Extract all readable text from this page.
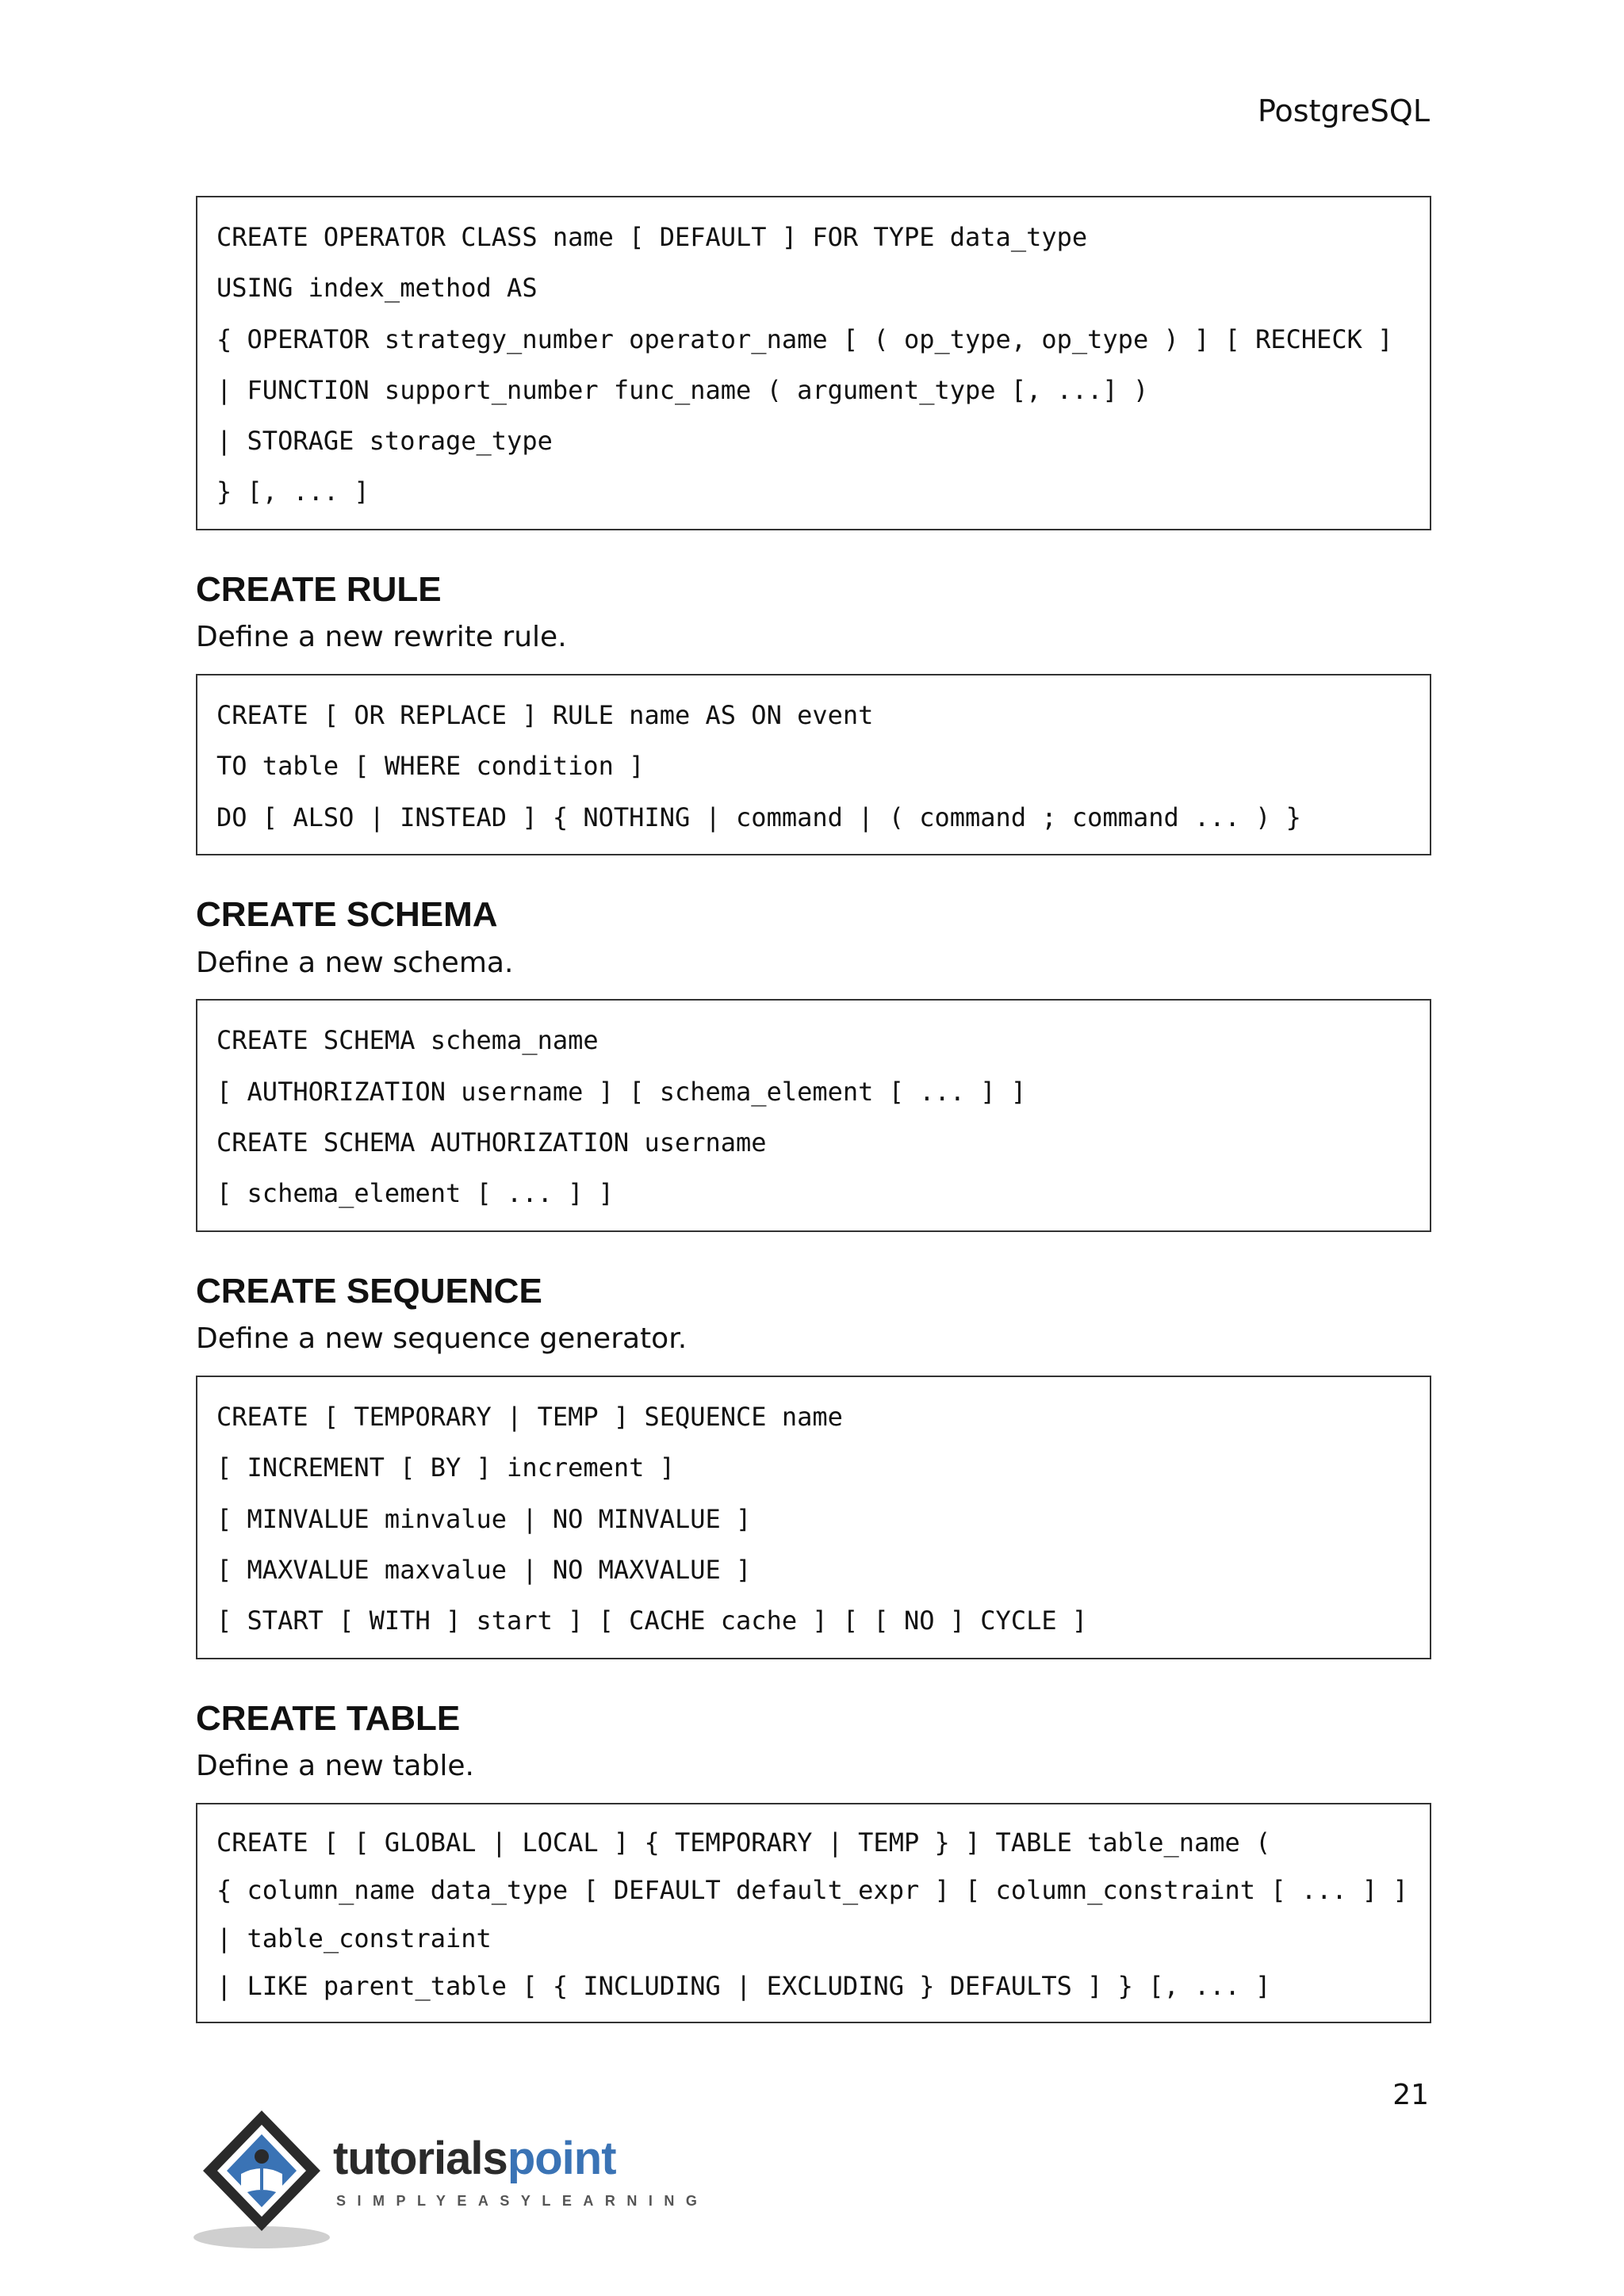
PostgreSQL
CREATE OPERATOR CLASS name [ DEFAULT ] FOR TYPE data_type
USING index_method AS
{ OPERATOR strategy_number operator_name [ ( op_type, op_type ) ] [ RECHECK ]
| FUNCTION support_number func_name ( argument_type [, ...] )
| STORAGE storage_type
} [, ... ]
CREATE RULE

Define a new rewrite rule.

CREATE [ OR REPLACE ] RULE name AS ON event
TO table [ WHERE condition ]
DO [ ALSO | INSTEAD ] { NOTHING | command | ( command ; command ... ) }
CREATE SCHEMA

Define a new schema.

CREATE SCHEMA schema_name
[ AUTHORIZATION username ] [ schema_element [ ... ] ]
CREATE SCHEMA AUTHORIZATION username
[ schema_element [ ... ] ]
CREATE SEQUENCE

Define a new sequence generator.

CREATE [ TEMPORARY | TEMP ] SEQUENCE name
[ INCREMENT [ BY ] increment ]
[ MINVALUE minvalue | NO MINVALUE ]
[ MAXVALUE maxvalue | NO MAXVALUE ]
[ START [ WITH ] start ] [ CACHE cache ] [ [ NO ] CYCLE ]
CREATE TABLE

Define a new table.

CREATE [ [ GLOBAL | LOCAL ] { TEMPORARY | TEMP } ] TABLE table_name (
{ column_name data_type [ DEFAULT default_expr ] [ column_constraint [ ... ] ]
| table_constraint
| LIKE parent_table [ { INCLUDING | EXCLUDING } DEFAULTS ] } [, ... ]
21
tutorialspoint
SIMPLYEASYLEARNING
